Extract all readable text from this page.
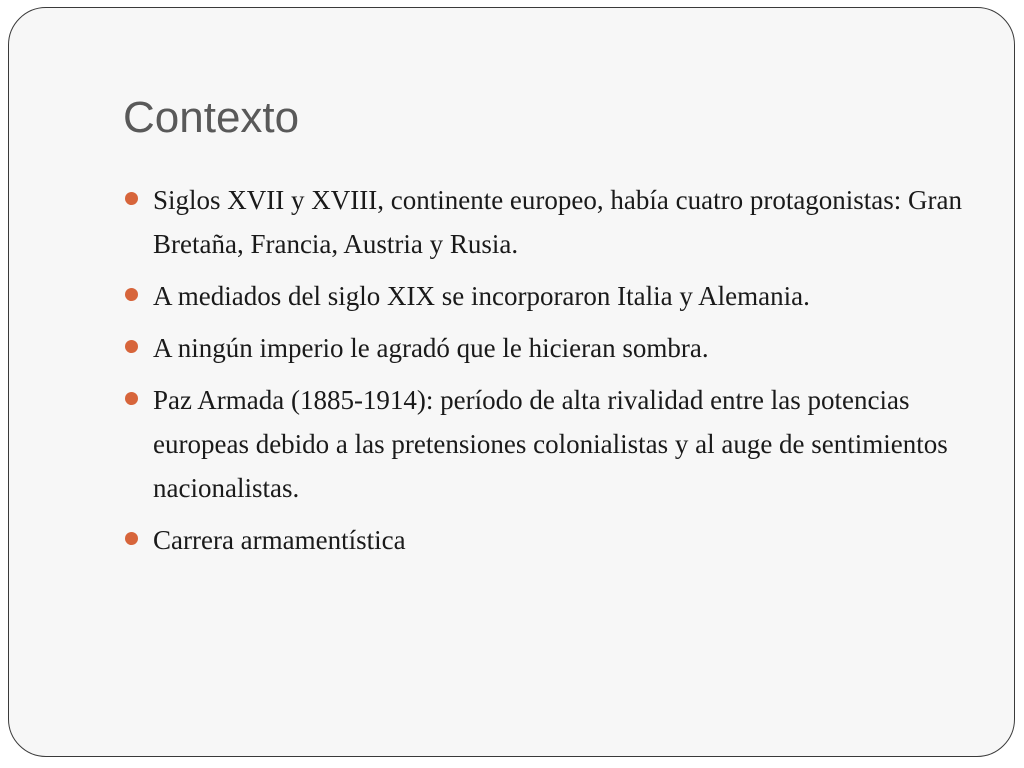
Contexto
Siglos XVII y XVIII, continente europeo, había cuatro protagonistas: Gran Bretaña, Francia, Austria y Rusia.
A mediados del siglo XIX se incorporaron Italia y Alemania.
A ningún imperio le agradó que le hicieran sombra.
Paz Armada (1885-1914): período de alta rivalidad entre las potencias europeas debido a las pretensiones colonialistas y al auge de sentimientos nacionalistas.
Carrera armamentística
